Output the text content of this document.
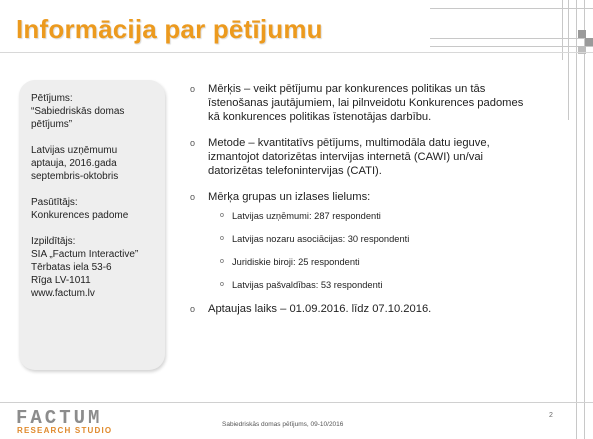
Informācija par pētījumu
Pētījums:
“Sabiedriskās domas
pētījums”
Latvijas uzņēmumu
aptauja, 2016.gada
septembris-oktobris
Pasūtītājs:
Konkurences padome
Izpildītājs:
SIA „Factum Interactive”
Tērbatas iela 53-6
Rīga LV-1011
www.factum.lv
o Mērķis – veikt pētījumu par konkurences politikas un tās
īstenošanas jautājumiem, lai pilnveidotu Konkurences padomes
kā konkurences politikas īstenotājas darbību.
o Metode – kvantitatīvs pētījums, multimodāla datu ieguve,
izmantojot datorizētas intervijas internetā (CAWI) un/vai
datorizētas telefonintervijas (CATI).
o Mērķa grupas un izlases lielums:
o Latvijas uzņēmumi: 287 respondenti
o Latvijas nozaru asociācijas: 30 respondenti
o Juridiskie biroji: 25 respondenti
o Latvijas pašvaldības: 53 respondenti
o Aptaujas laiks – 01.09.2016. līdz 07.10.2016.
FACTUM
RESEARCH STUDIO
Sabiedriskās domas pētījums, 09-10/2016
2
